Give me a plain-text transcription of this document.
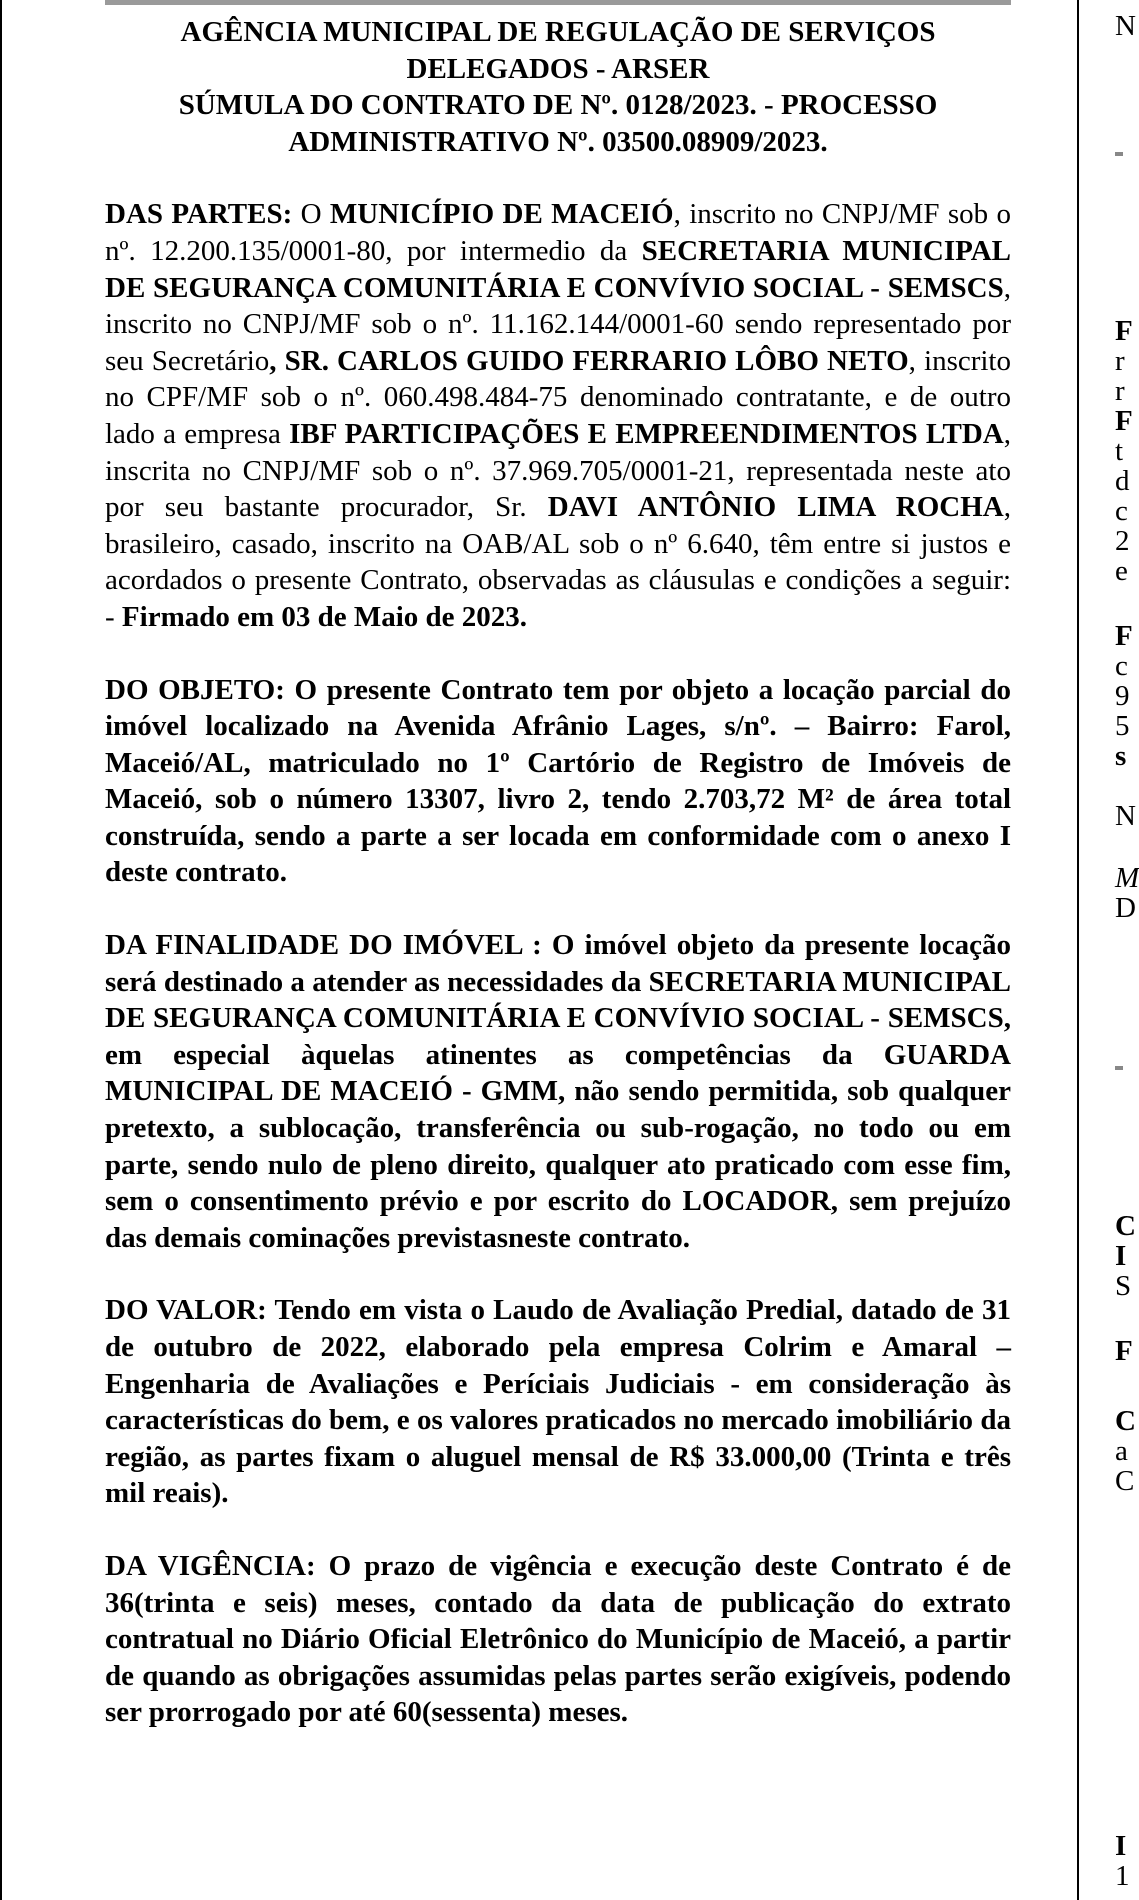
AGÊNCIA MUNICIPAL DE REGULAÇÃO DE SERVIÇOS
DELEGADOS - ARSER
SÚMULA DO CONTRATO DE Nº. 0128/2023. - PROCESSO
ADMINISTRATIVO Nº. 03500.08909/2023.

DAS PARTES: O MUNICÍPIO DE MACEIÓ, inscrito no CNPJ/MF sob o nº. 12.200.135/0001-80, por intermedio da SECRETARIA MUNICIPAL DE SEGURANÇA COMUNITÁRIA E CONVÍVIO SOCIAL - SEMSCS, inscrito no CNPJ/MF sob o nº. 11.162.144/0001-60 sendo representado por seu Secretário, SR. CARLOS GUIDO FERRARIO LÔBO NETO, inscrito no CPF/MF sob o nº. 060.498.484-75 denominado contratante, e de outro lado a empresa IBF PARTICIPAÇÕES E EMPREENDIMENTOS LTDA, inscrita no CNPJ/MF sob o nº. 37.969.705/0001-21, representada neste ato por seu bastante procurador, Sr. DAVI ANTÔNIO LIMA ROCHA, brasileiro, casado, inscrito na OAB/AL sob o nº 6.640, têm entre si justos e acordados o presente Contrato, observadas as cláusulas e condições a seguir: - Firmado em 03 de Maio de 2023.

DO OBJETO: O presente Contrato tem por objeto a locação parcial do imóvel localizado na Avenida Afrânio Lages, s/nº. – Bairro: Farol, Maceió/AL, matriculado no 1º Cartório de Registro de Imóveis de Maceió, sob o número 13307, livro 2, tendo 2.703,72 M² de área total construída, sendo a parte a ser locada em conformidade com o anexo I deste contrato.

DA FINALIDADE DO IMÓVEL : O imóvel objeto da presente locação será destinado a atender as necessidades da SECRETARIA MUNICIPAL DE SEGURANÇA COMUNITÁRIA E CONVÍVIO SOCIAL - SEMSCS, em especial àquelas atinentes as competências da GUARDA MUNICIPAL DE MACEIÓ - GMM, não sendo permitida, sob qualquer pretexto, a sublocação, transferência ou sub-rogação, no todo ou em parte, sendo nulo de pleno direito, qualquer ato praticado com esse fim, sem o consentimento prévio e por escrito do LOCADOR, sem prejuízo das demais cominações previstasneste contrato.

DO VALOR: Tendo em vista o Laudo de Avaliação Predial, datado de 31 de outubro de 2022, elaborado pela empresa Colrim e Amaral – Engenharia de Avaliações e Períciais Judiciais - em consideração às características do bem, e os valores praticados no mercado imobiliário da região, as partes fixam o aluguel mensal de R$ 33.000,00 (Trinta e três mil reais).

DA VIGÊNCIA: O prazo de vigência e execução deste Contrato é de 36(trinta e seis) meses, contado da data de publicação do extrato contratual no Diário Oficial Eletrônico do Município de Maceió, a partir de quando as obrigações assumidas pelas partes serão exigíveis, podendo ser prorrogado por até 60(sessenta) meses.

N
F
r
r
F
t
d
c
2
e
F
c
9
5
s
N
M
D
C
I
S
F
C
a
C
I
1
